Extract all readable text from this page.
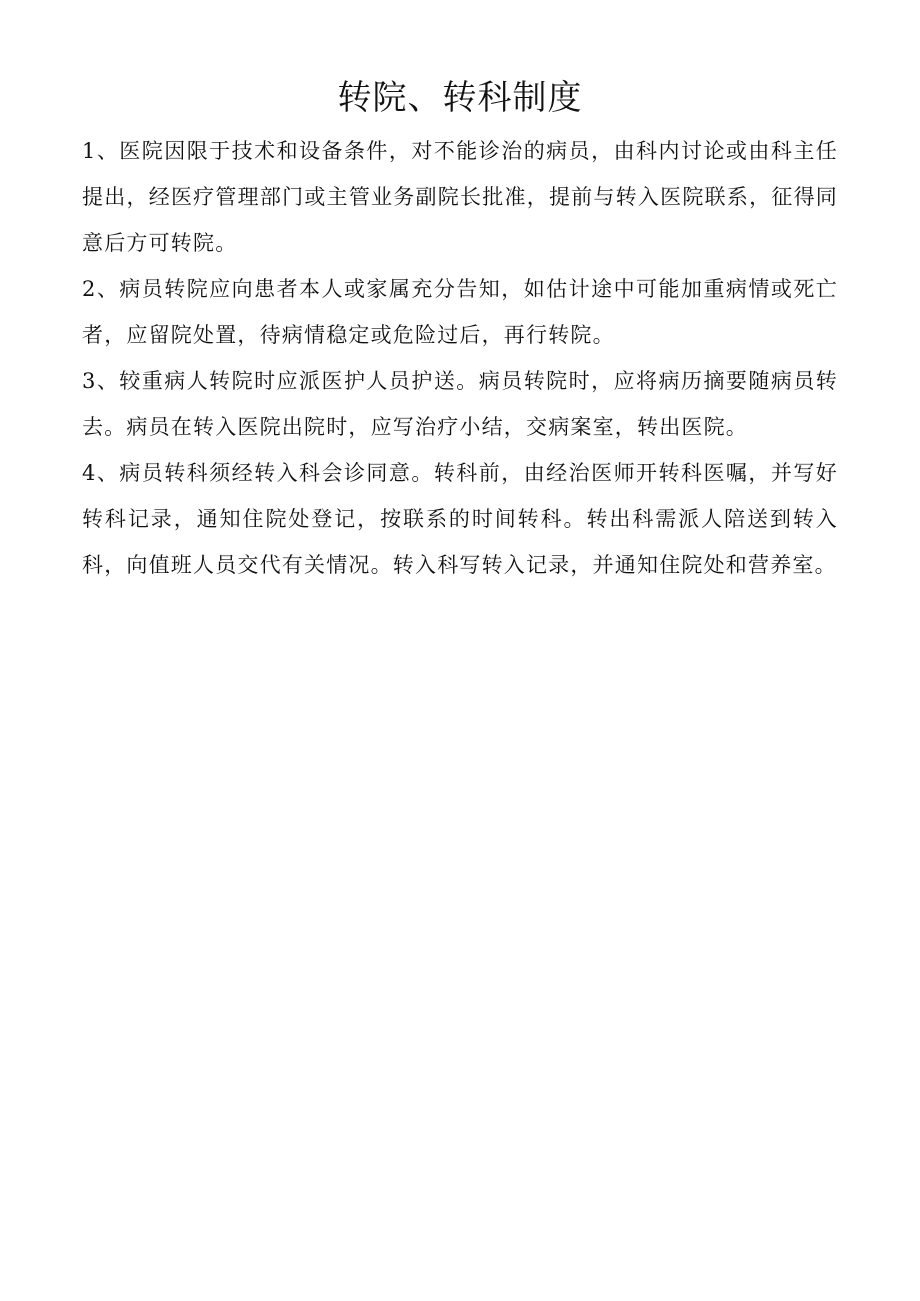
转院、转科制度

1、医院因限于技术和设备条件，对不能诊治的病员，由科内讨论或由科主任提出，经医疗管理部门或主管业务副院长批准，提前与转入医院联系，征得同意后方可转院。

2、病员转院应向患者本人或家属充分告知，如估计途中可能加重病情或死亡者，应留院处置，待病情稳定或危险过后，再行转院。

3、较重病人转院时应派医护人员护送。病员转院时，应将病历摘要随病员转去。病员在转入医院出院时，应写治疗小结，交病案室，转出医院。

4、病员转科须经转入科会诊同意。转科前，由经治医师开转科医嘱，并写好转科记录，通知住院处登记，按联系的时间转科。转出科需派人陪送到转入科，向值班人员交代有关情况。转入科写转入记录，并通知住院处和营养室。
